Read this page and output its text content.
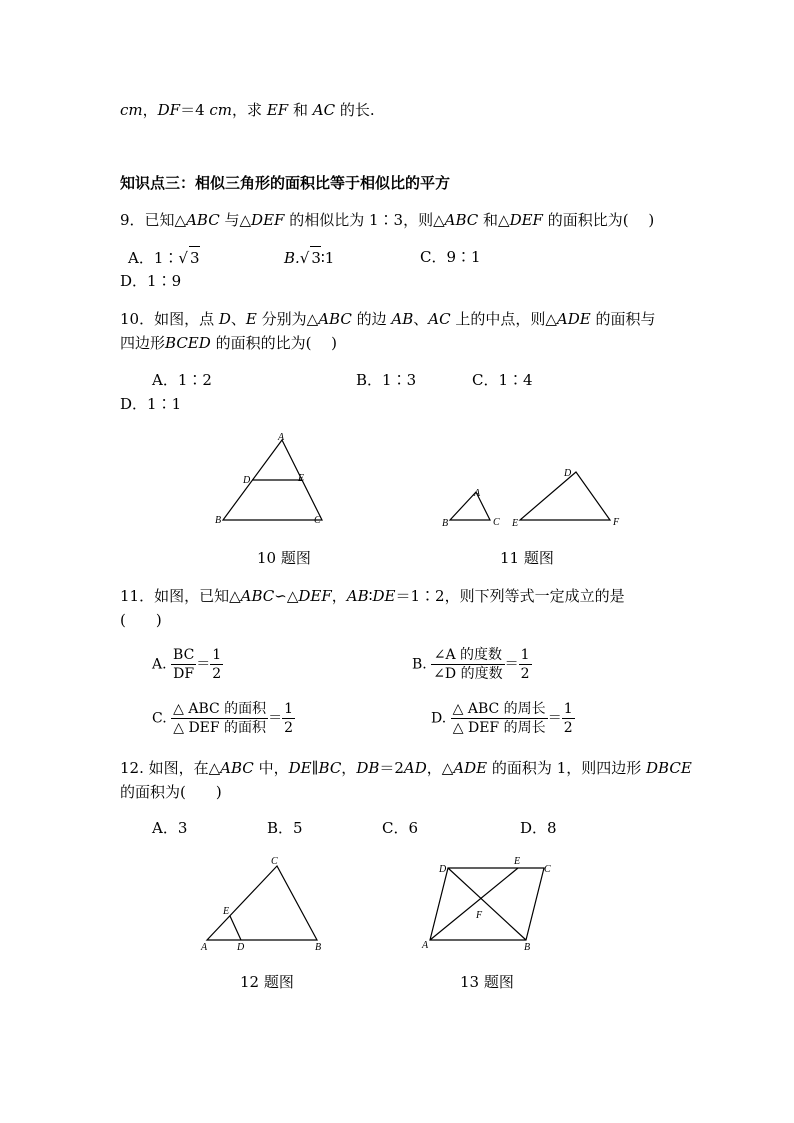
cm，DF＝4 cm，求 EF 和 AC 的长.
知识点三：相似三角形的面积比等于相似比的平方
9．已知△ABC 与△DEF 的相似比为 1∶3，则△ABC 和△DEF 的面积比为(　 )
A．1∶√ 3	B.√ 3∶1	C．9∶1
D．1∶9
10．如图，点 D、E 分别为△ABC 的边 AB、AC 上的中点，则△ADE 的面积与
四边形BCED 的面积的比为(　 )
A．1∶2	B．1∶3	C．1∶4
D．1∶1
A
D	E
B	C
10 题图
A
B	C
D
E	F
11 题图
11．如图，已知△ABC∽△DEF，AB∶DE＝1∶2，则下列等式一定成立的是
(　　)
A. $\frac{BC}{DF} = \frac{1}{2}$	B. $\frac{\text{∠A 的度数}}{\text{∠D 的度数}} = \frac{1}{2}$
C. $\frac{\text{△ ABC 的面积}}{\text{△ DEF 的面积}} = \frac{1}{2}$	D. $\frac{\text{△ ABC 的周长}}{\text{△ DEF 的周长}} = \frac{1}{2}$
12. 如图，在△ABC 中，DE∥BC，DB＝2AD，△ADE 的面积为 1，则四边形 DBCE
的面积为(　　)
A．3	B．5	C．6	D．8
C
E
A	D	B
12 题图
D
E
C
F
A	B
13 题图
